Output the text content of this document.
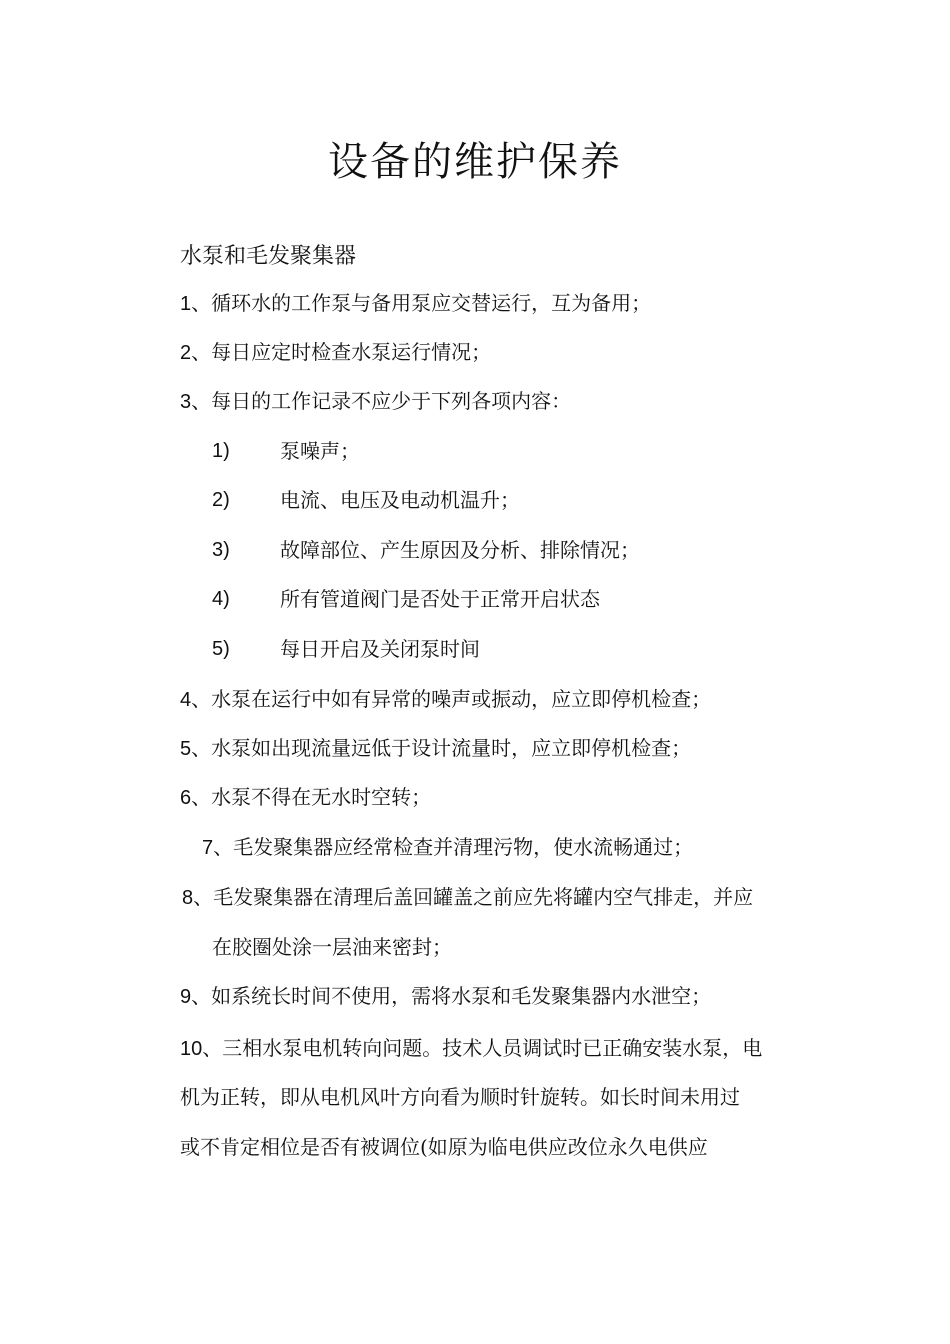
设备的维护保养
水泵和毛发聚集器
1、循环水的工作泵与备用泵应交替运行，互为备用；
2、每日应定时检查水泵运行情况；
3、每日的工作记录不应少于下列各项内容：
1)	泵噪声；
2)	电流、电压及电动机温升；
3)	故障部位、产生原因及分析、排除情况；
4)	所有管道阀门是否处于正常开启状态
5)	每日开启及关闭泵时间
4、水泵在运行中如有异常的噪声或振动，应立即停机检查；
5、水泵如出现流量远低于设计流量时，应立即停机检查；
6、水泵不得在无水时空转；
7、毛发聚集器应经常检查并清理污物，使水流畅通过；
8、毛发聚集器在清理后盖回罐盖之前应先将罐内空气排走，并应
在胶圈处涂一层油来密封；
9、如系统长时间不使用，需将水泵和毛发聚集器内水泄空；
10、三相水泵电机转向问题。技术人员调试时已正确安装水泵，电
机为正转，即从电机风叶方向看为顺时针旋转。如长时间未用过
或不肯定相位是否有被调位(如原为临电供应改位永久电供应
